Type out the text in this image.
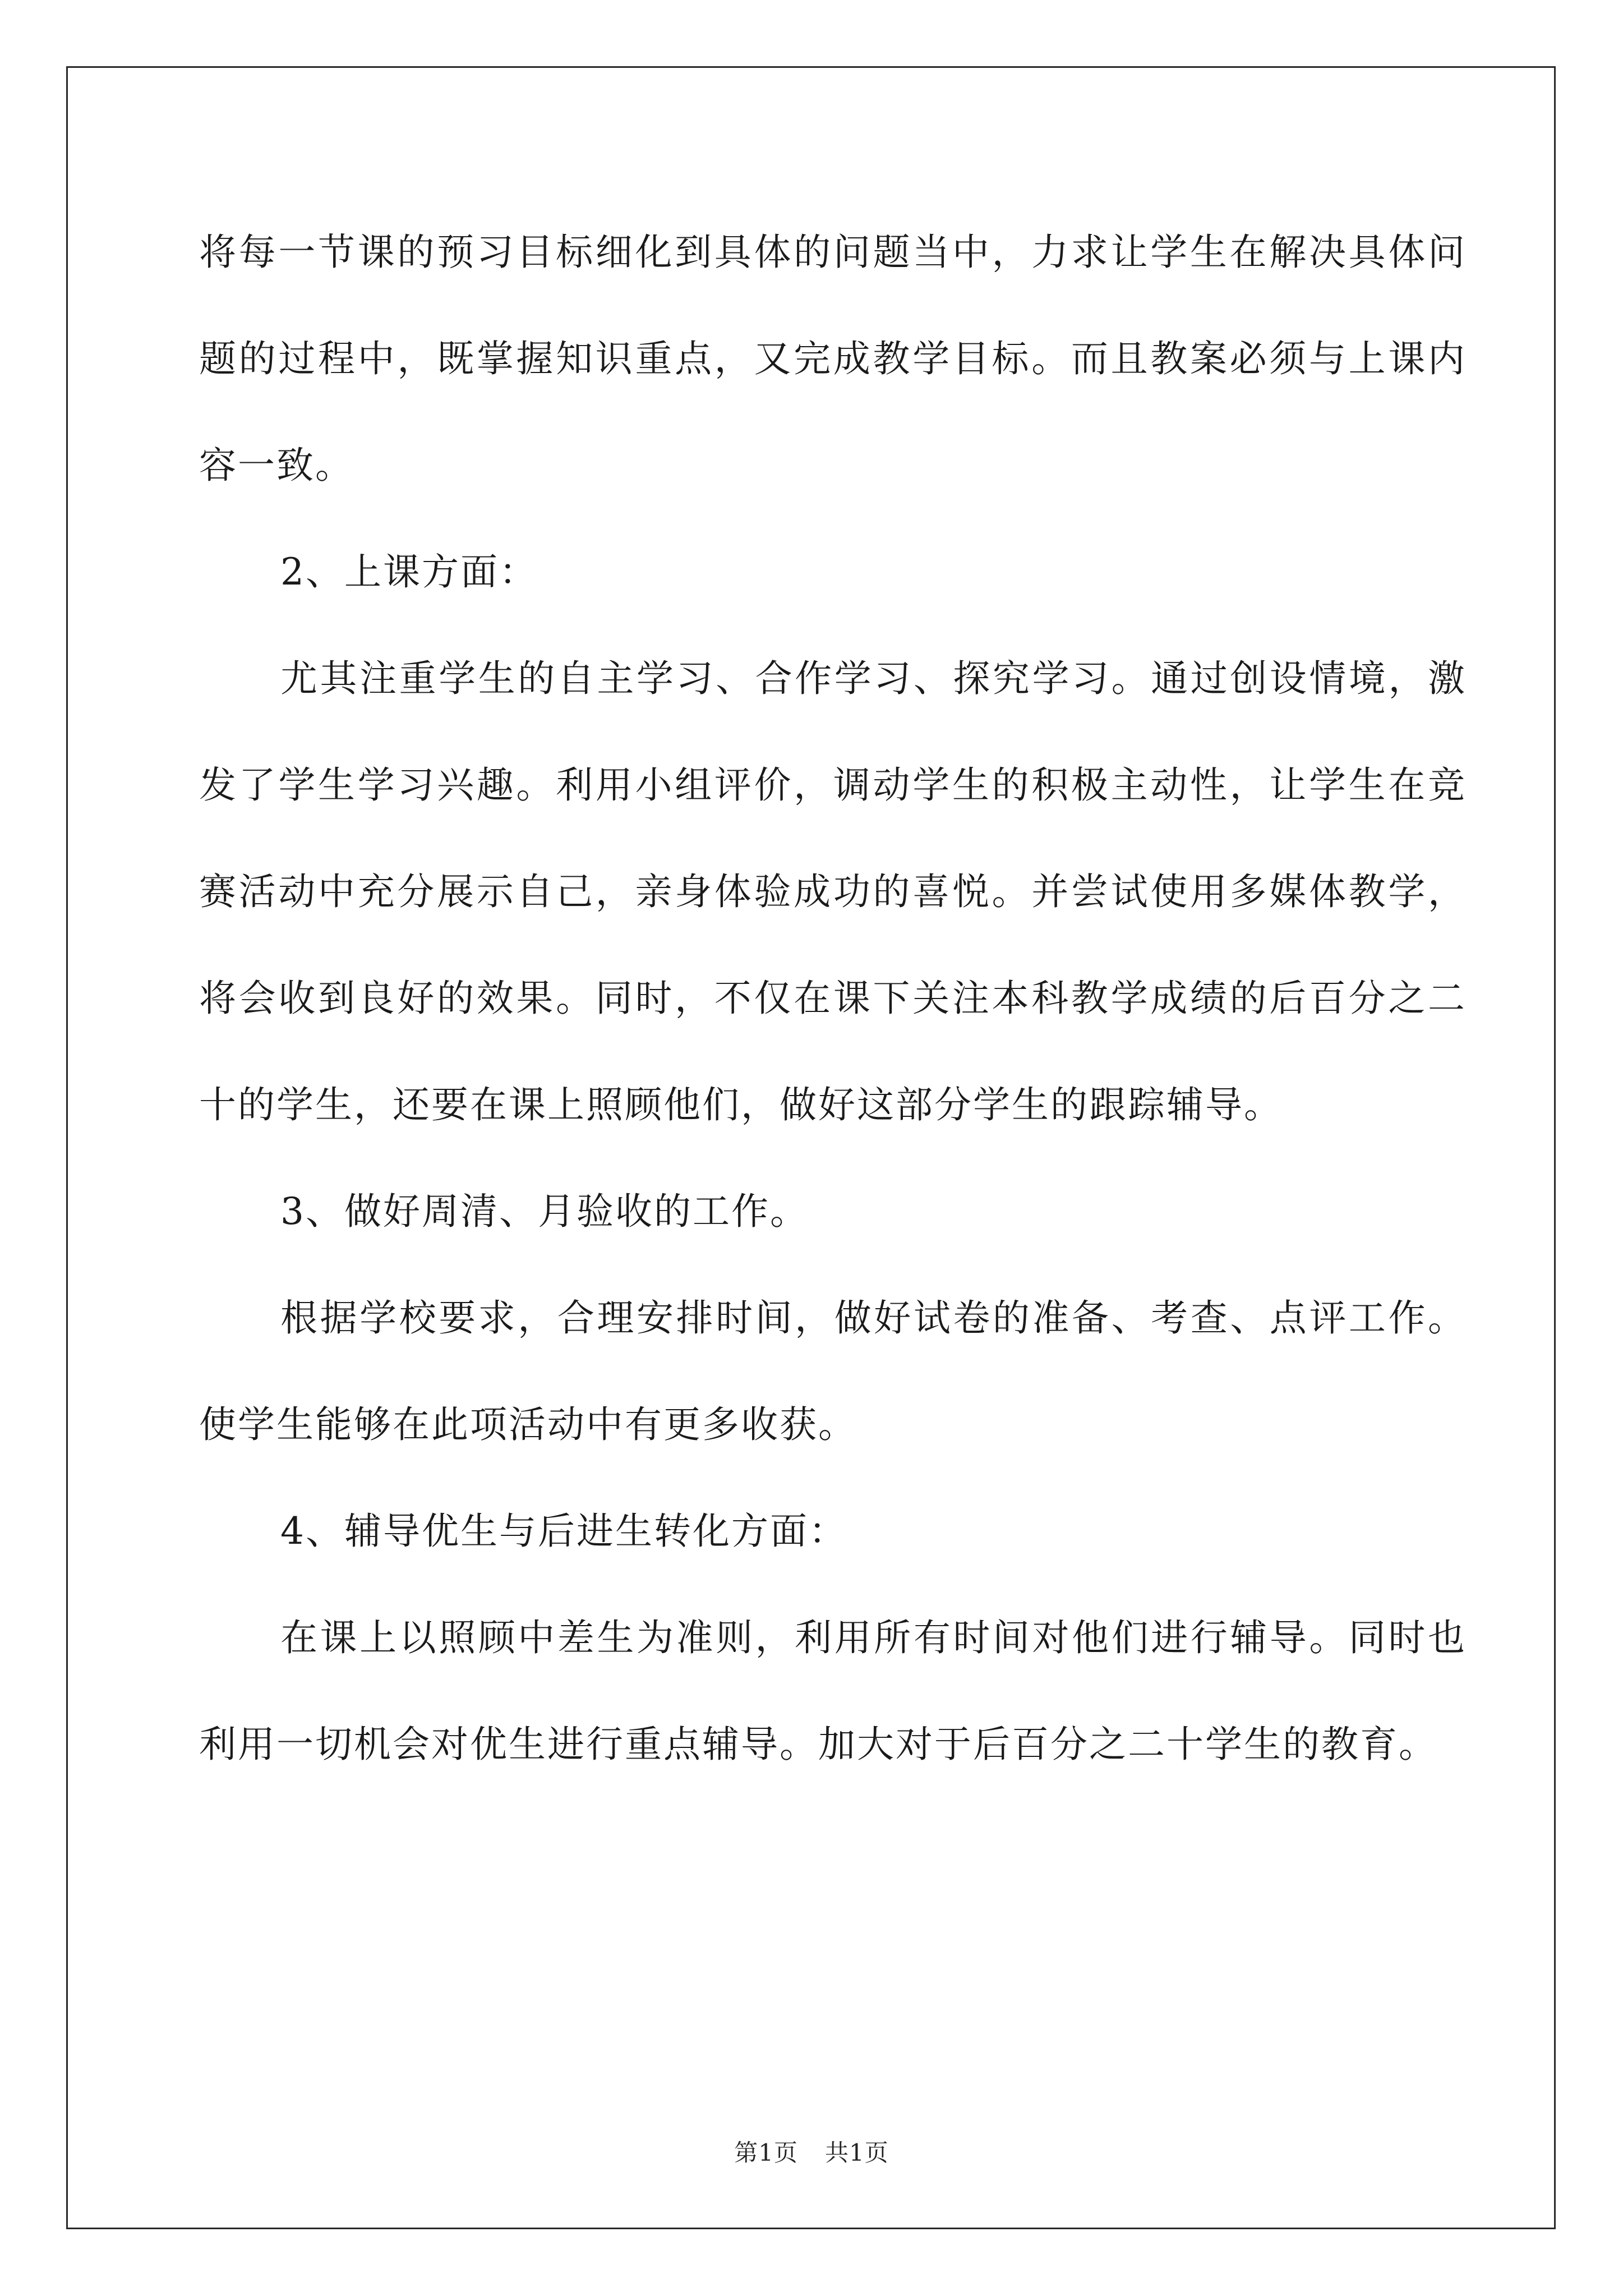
将每一节课的预习目标细化到具体的问题当中，力求让学生在解决具体问题的过程中，既掌握知识重点，又完成教学目标。而且教案必须与上课内容一致。

2、上课方面：

尤其注重学生的自主学习、合作学习、探究学习。通过创设情境，激发了学生学习兴趣。利用小组评价，调动学生的积极主动性，让学生在竞赛活动中充分展示自己，亲身体验成功的喜悦。并尝试使用多媒体教学，将会收到良好的效果。同时，不仅在课下关注本科教学成绩的后百分之二十的学生，还要在课上照顾他们，做好这部分学生的跟踪辅导。

3、做好周清、月验收的工作。

根据学校要求，合理安排时间，做好试卷的准备、考查、点评工作。使学生能够在此项活动中有更多收获。

4、辅导优生与后进生转化方面：

在课上以照顾中差生为准则，利用所有时间对他们进行辅导。同时也利用一切机会对优生进行重点辅导。加大对于后百分之二十学生的教育。

第1页 共1页
